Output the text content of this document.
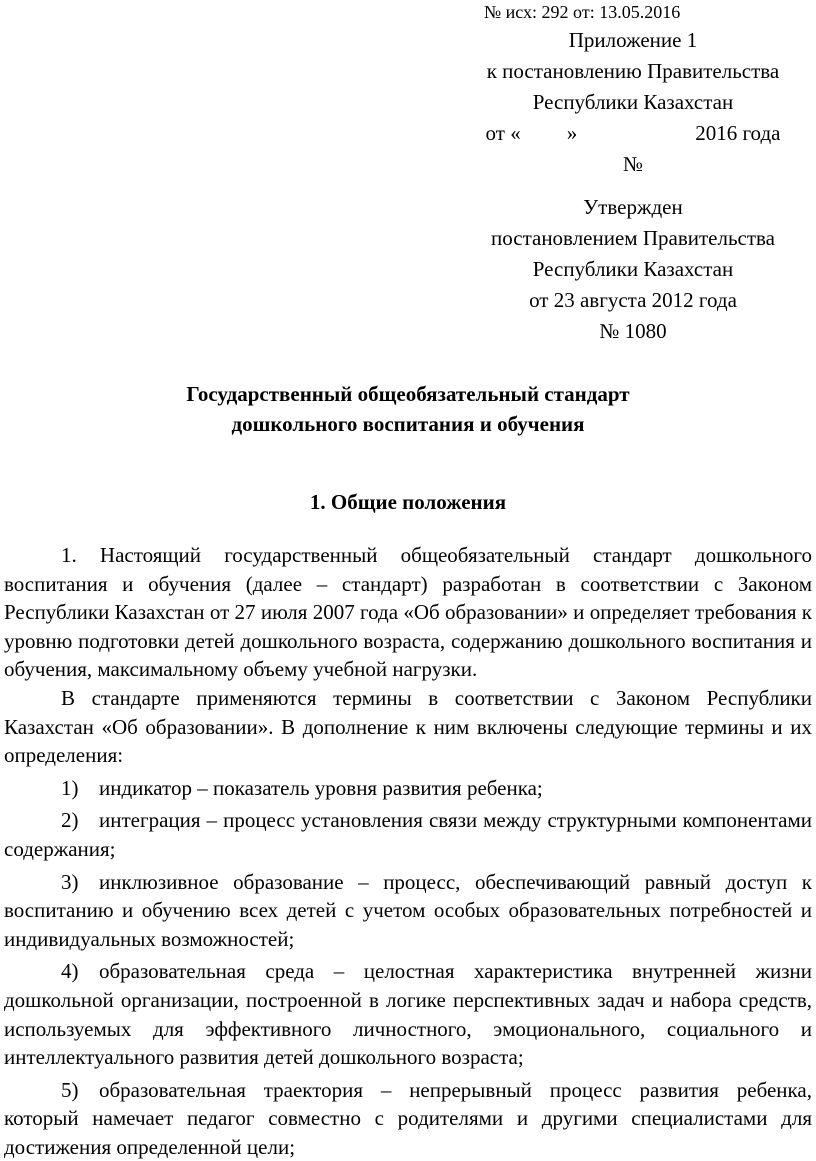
№ исх: 292 от: 13.05.2016
Приложение 1
к постановлению Правительства
Республики Казахстан
от « »	2016 года
№
Утвержден
постановлением Правительства
Республики Казахстан
от 23 августа 2012 года
№ 1080
Государственный общеобязательный стандарт
дошкольного воспитания и обучения
1. Общие положения

1. Настоящий государственный общеобязательный стандарт дошкольного воспитания и обучения (далее – стандарт) разработан в соответствии с Законом Республики Казахстан от 27 июля 2007 года «Об образовании» и определяет требования к уровню подготовки детей дошкольного возраста, содержанию дошкольного воспитания и обучения, максимальному объему учебной нагрузки.

В стандарте применяются термины в соответствии с Законом Республики Казахстан «Об образовании». В дополнение к ним включены следующие термины и их определения:

1) индикатор – показатель уровня развития ребенка;

2) интеграция – процесс установления связи между структурными компонентами содержания;

3) инклюзивное образование – процесс, обеспечивающий равный доступ к воспитанию и обучению всех детей с учетом особых образовательных потребностей и индивидуальных возможностей;

4) образовательная среда – целостная характеристика внутренней жизни дошкольной организации, построенной в логике перспективных задач и набора средств, используемых для эффективного личностного, эмоционального, социального и интеллектуального развития детей дошкольного возраста;

5) образовательная траектория – непрерывный процесс развития ребенка, который намечает педагог совместно с родителями и другими специалистами для достижения определенной цели;
